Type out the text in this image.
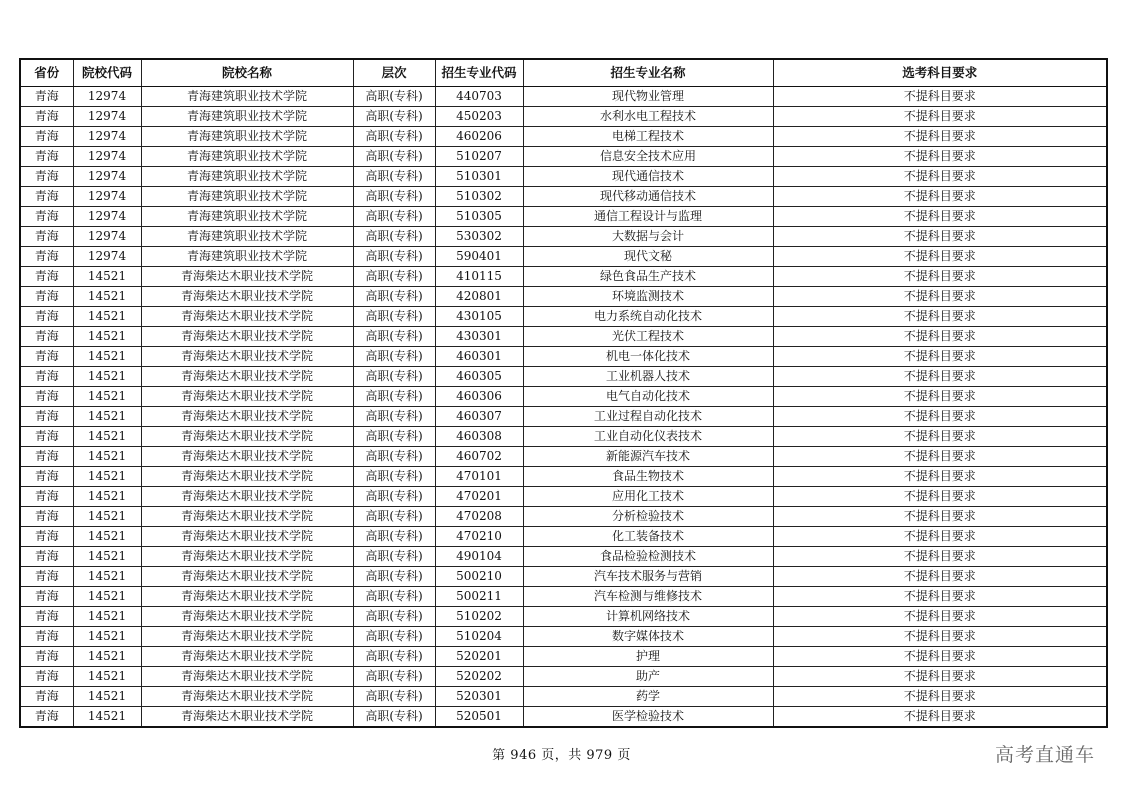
省份	院校代码	院校名称	层次	招生专业代码	招生专业名称	选考科目要求
青海	12974	青海建筑职业技术学院	高职(专科)	440703	现代物业管理	不提科目要求
青海	12974	青海建筑职业技术学院	高职(专科)	450203	水利水电工程技术	不提科目要求
青海	12974	青海建筑职业技术学院	高职(专科)	460206	电梯工程技术	不提科目要求
青海	12974	青海建筑职业技术学院	高职(专科)	510207	信息安全技术应用	不提科目要求
青海	12974	青海建筑职业技术学院	高职(专科)	510301	现代通信技术	不提科目要求
青海	12974	青海建筑职业技术学院	高职(专科)	510302	现代移动通信技术	不提科目要求
青海	12974	青海建筑职业技术学院	高职(专科)	510305	通信工程设计与监理	不提科目要求
青海	12974	青海建筑职业技术学院	高职(专科)	530302	大数据与会计	不提科目要求
青海	12974	青海建筑职业技术学院	高职(专科)	590401	现代文秘	不提科目要求
青海	14521	青海柴达木职业技术学院	高职(专科)	410115	绿色食品生产技术	不提科目要求
青海	14521	青海柴达木职业技术学院	高职(专科)	420801	环境监测技术	不提科目要求
青海	14521	青海柴达木职业技术学院	高职(专科)	430105	电力系统自动化技术	不提科目要求
青海	14521	青海柴达木职业技术学院	高职(专科)	430301	光伏工程技术	不提科目要求
青海	14521	青海柴达木职业技术学院	高职(专科)	460301	机电一体化技术	不提科目要求
青海	14521	青海柴达木职业技术学院	高职(专科)	460305	工业机器人技术	不提科目要求
青海	14521	青海柴达木职业技术学院	高职(专科)	460306	电气自动化技术	不提科目要求
青海	14521	青海柴达木职业技术学院	高职(专科)	460307	工业过程自动化技术	不提科目要求
青海	14521	青海柴达木职业技术学院	高职(专科)	460308	工业自动化仪表技术	不提科目要求
青海	14521	青海柴达木职业技术学院	高职(专科)	460702	新能源汽车技术	不提科目要求
青海	14521	青海柴达木职业技术学院	高职(专科)	470101	食品生物技术	不提科目要求
青海	14521	青海柴达木职业技术学院	高职(专科)	470201	应用化工技术	不提科目要求
青海	14521	青海柴达木职业技术学院	高职(专科)	470208	分析检验技术	不提科目要求
青海	14521	青海柴达木职业技术学院	高职(专科)	470210	化工装备技术	不提科目要求
青海	14521	青海柴达木职业技术学院	高职(专科)	490104	食品检验检测技术	不提科目要求
青海	14521	青海柴达木职业技术学院	高职(专科)	500210	汽车技术服务与营销	不提科目要求
青海	14521	青海柴达木职业技术学院	高职(专科)	500211	汽车检测与维修技术	不提科目要求
青海	14521	青海柴达木职业技术学院	高职(专科)	510202	计算机网络技术	不提科目要求
青海	14521	青海柴达木职业技术学院	高职(专科)	510204	数字媒体技术	不提科目要求
青海	14521	青海柴达木职业技术学院	高职(专科)	520201	护理	不提科目要求
青海	14521	青海柴达木职业技术学院	高职(专科)	520202	助产	不提科目要求
青海	14521	青海柴达木职业技术学院	高职(专科)	520301	药学	不提科目要求
青海	14521	青海柴达木职业技术学院	高职(专科)	520501	医学检验技术	不提科目要求
第 946 页，共 979 页	高考直通车
